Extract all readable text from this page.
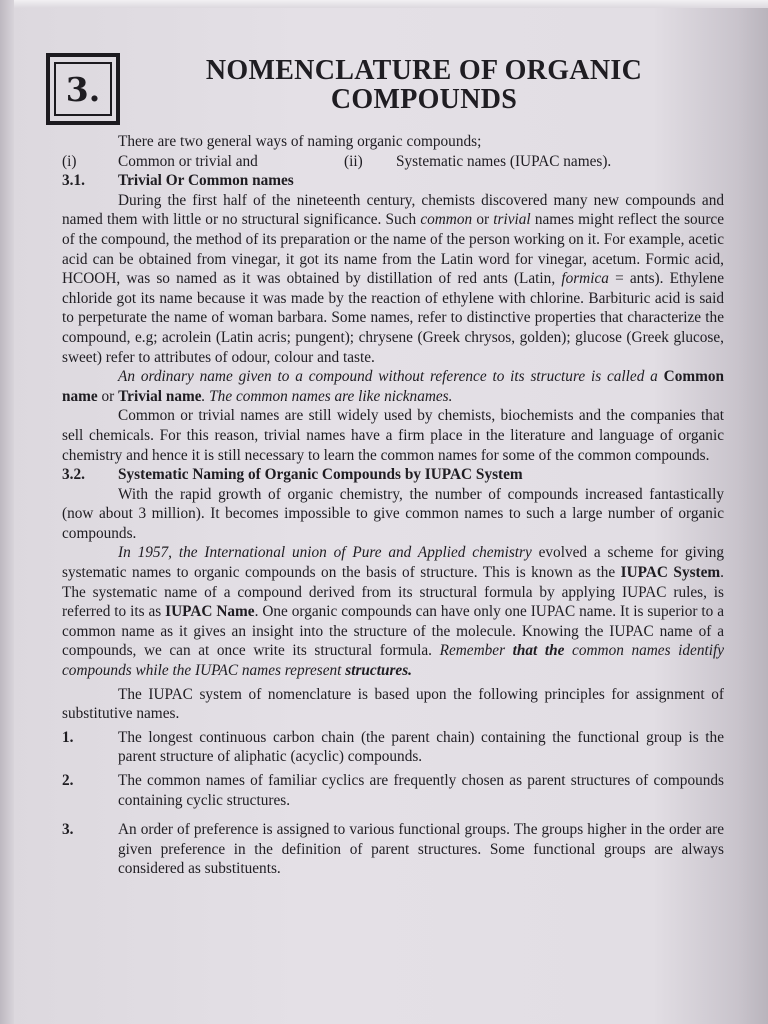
3.	NOMENCLATURE OF ORGANIC
COMPOUNDS

There are two general ways of naming organic compounds;

(i)	Common or trivial and	(ii)	Systematic names (IUPAC names).
3.1.	Trivial Or Common names

During the first half of the nineteenth century, chemists discovered many new compounds and named them with little or no structural significance. Such common or trivial names might reflect the source of the compound, the method of its preparation or the name of the person working on it. For example, acetic acid can be obtained from vinegar, it got its name from the Latin word for vinegar, acetum. Formic acid, HCOOH, was so named as it was obtained by distillation of red ants (Latin, formica = ants). Ethylene chloride got its name because it was made by the reaction of ethylene with chlorine. Barbituric acid is said to perpeturate the name of woman barbara. Some names, refer to distinctive properties that characterize the compound, e.g; acrolein (Latin acris; pungent); chrysene (Greek chrysos, golden); glucose (Greek glucose, sweet) refer to attributes of odour, colour and taste.

An ordinary name given to a compound without reference to its structure is called a Common name or Trivial name. The common names are like nicknames.

Common or trivial names are still widely used by chemists, biochemists and the companies that sell chemicals. For this reason, trivial names have a firm place in the literature and language of organic chemistry and hence it is still necessary to learn the common names for some of the common compounds.

3.2.	Systematic Naming of Organic Compounds by IUPAC System

With the rapid growth of organic chemistry, the number of compounds increased fantastically (now about 3 million). It becomes impossible to give common names to such a large number of organic compounds.

In 1957, the International union of Pure and Applied chemistry evolved a scheme for giving systematic names to organic compounds on the basis of structure. This is known as the IUPAC System. The systematic name of a compound derived from its structural formula by applying IUPAC rules, is referred to its as IUPAC Name. One organic compounds can have only one IUPAC name. It is superior to a common name as it gives an insight into the structure of the molecule. Knowing the IUPAC name of a compounds, we can at once write its structural formula. Remember that the common names identify compounds while the IUPAC names represent structures.

The IUPAC system of nomenclature is based upon the following principles for assignment of substitutive names.

1.	The longest continuous carbon chain (the parent chain) containing the functional group is the parent structure of aliphatic (acyclic) compounds.
2.	The common names of familiar cyclics are frequently chosen as parent structures of compounds containing cyclic structures.
3.	An order of preference is assigned to various functional groups. The groups higher in the order are given preference in the definition of parent structures. Some functional groups are always considered as substituents.
